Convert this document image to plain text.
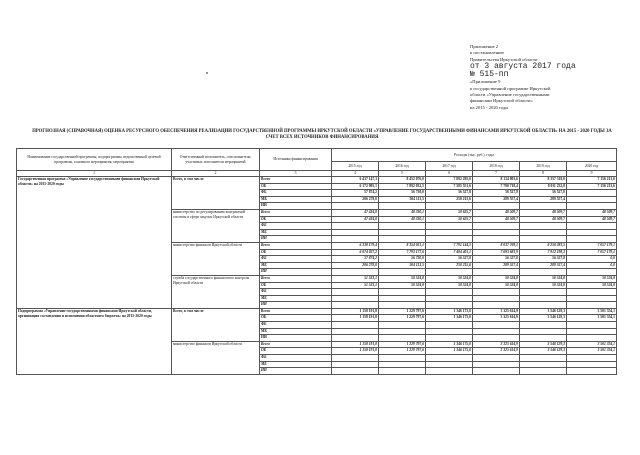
Приложение 2
к постановлению
Правительства Иркутской области
от 3 августа 2017 года
№ 515-пп
«Приложение 9
к государственной программе Иркутской
области «Управление государственными
финансами Иркутской области»
на 2015 - 2020 годы
ПРОГНОЗНАЯ (СПРАВОЧНАЯ) ОЦЕНКА РЕСУРСНОГО ОБЕСПЕЧЕНИЯ РЕАЛИЗАЦИИ ГОСУДАРСТВЕННОЙ ПРОГРАММЫ ИРКУТСКОЙ ОБЛАСТИ «УПРАВЛЕНИЕ ГОСУДАРСТВЕННЫМИ ФИНАНСАМИ ИРКУТСКОЙ ОБЛАСТИ» НА 2015 - 2020 ГОДЫ ЗА СЧЕТ ВСЕХ ИСТОЧНИКОВ ФИНАНСИРОВАНИЯ
Наименование государственной программы, подпрограммы, ведомственной целевой программы, основного мероприятия, мероприятия	Ответственный исполнитель, соисполнители, участники, исполнители мероприятий	Источники финансирования	Расходы (тыс. руб.), годы					
			2015 год	2016 год	2017 год	2018 год	2019 год	2020 год
1	2	3	4	5	6	7	8	9
Государственная программа «Управление государственными финансами Иркутской области» на 2015-2020 годы	Всего, в том числе	Всего	6 437 147,3	8 452 076,0	7 892 295,0	8 134 803,6	8 357 318,0	7 156 213,6
		ОБ	6 172 995,1	7 892 032,5	7 585 551,6	7 790 718,4	8 011 232,8	7 156 213,6
		ФБ	57 874,2	56 730,0	56 527,8	56 527,8	56 527,8	
		МБ	206 278,0	504 113,5	250 215,6	289 557,4	289 557,4	
		ИИ						
	министерство по регулированию контрактной системы в сфере закупок Иркутской области	Всего	47 434,8	48 330,1	50 625,7	48 509,7	48 509,7	48 509,7
		ОБ	47 434,8	48 330,1	50 625,7	48 509,7	48 509,7	48 509,7
		ФБ						
		МБ						
		ИИ						
	министерство финансов Иркутской области	Всего	6 338 179,4	8 354 021,1	7 791 144,5	8 037 769,1	8 258 283,5	7 057 179,1
		ОБ	6 074 027,2	7 793 177,6	7 484 401,1	7 693 683,9	7 912 198,3	7 057 179,1
		ФБ	57 874,2	56 730,0	56 527,8	56 527,8	56 527,8	0,0
		МБ	206 278,0	504 113,5	250 215,6	289 557,4	289 557,4	0,0
		ИИ						
	служба государственного финансового контроля Иркутской области	Всего	51 533,1	50 524,8	50 524,8	50 524,8	50 524,8	50 524,8
		ОБ	51 533,1	50 524,8	50 524,8	50 524,8	50 524,8	50 524,8
		ФБ						
		МБ						
		ИИ						
Подпрограмма «Управление государственными финансами Иркутской области, организация составления и исполнения областного бюджета» на 2015-2020 годы	Всего, в том числе	Всего	1 158 191,8	1 229 797,6	1 346 175,0	3 325 614,9	3 546 129,3	3 501 354,1
		ОБ	1 158 191,8	1 229 797,6	1 346 175,0	3 325 614,9	3 546 129,3	3 501 354,1
		ФБ						
		МБ						
		ИИ						
	министерство финансов Иркутской области	Всего	1 158 191,8	1 229 797,6	1 346 175,0	3 325 614,9	3 546 129,3	3 501 354,1
		ОБ	1 158 191,8	1 229 797,6	1 346 175,0	3 325 614,9	3 546 129,3	3 501 354,1
		ФБ						
		МБ						
		ИИ						
